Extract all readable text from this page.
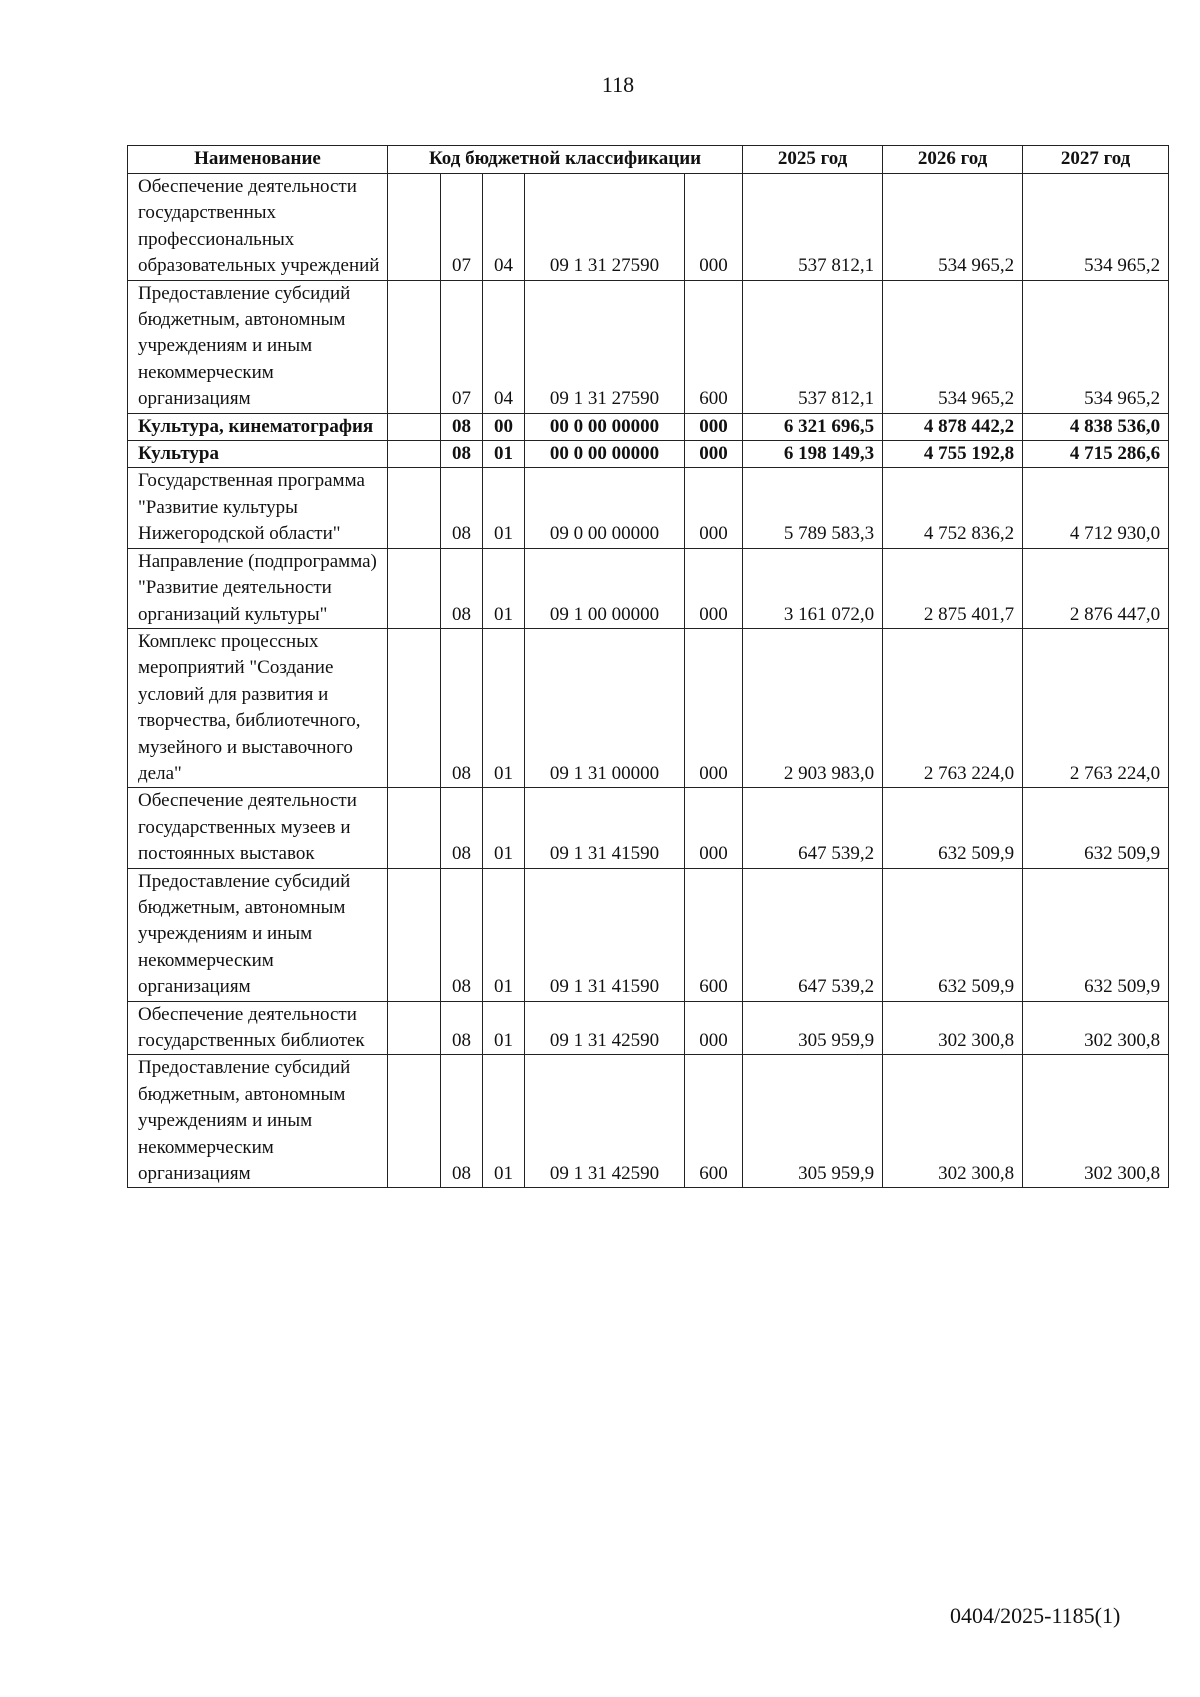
118
Наименование	Код бюджетной классификации					2025 год	2026 год	2027 год
Обеспечение деятельности государственных профессиональных образовательных учреждений		07	04	09 1 31 27590	000	537 812,1	534 965,2	534 965,2
Предоставление субсидий бюджетным, автономным учреждениям и иным некоммерческим организациям		07	04	09 1 31 27590	600	537 812,1	534 965,2	534 965,2
Культура, кинематография		08	00	00 0 00 00000	000	6 321 696,5	4 878 442,2	4 838 536,0
Культура		08	01	00 0 00 00000	000	6 198 149,3	4 755 192,8	4 715 286,6
Государственная программа "Развитие культуры Нижегородской области"		08	01	09 0 00 00000	000	5 789 583,3	4 752 836,2	4 712 930,0
Направление (подпрограмма) "Развитие деятельности организаций культуры"		08	01	09 1 00 00000	000	3 161 072,0	2 875 401,7	2 876 447,0
Комплекс процессных мероприятий "Создание условий для развития и творчества, библиотечного, музейного и выставочного дела"		08	01	09 1 31 00000	000	2 903 983,0	2 763 224,0	2 763 224,0
Обеспечение деятельности государственных музеев и постоянных выставок		08	01	09 1 31 41590	000	647 539,2	632 509,9	632 509,9
Предоставление субсидий бюджетным, автономным учреждениям и иным некоммерческим организациям		08	01	09 1 31 41590	600	647 539,2	632 509,9	632 509,9
Обеспечение деятельности государственных библиотек		08	01	09 1 31 42590	000	305 959,9	302 300,8	302 300,8
Предоставление субсидий бюджетным, автономным учреждениям и иным некоммерческим организациям		08	01	09 1 31 42590	600	305 959,9	302 300,8	302 300,8
0404/2025-1185(1)
